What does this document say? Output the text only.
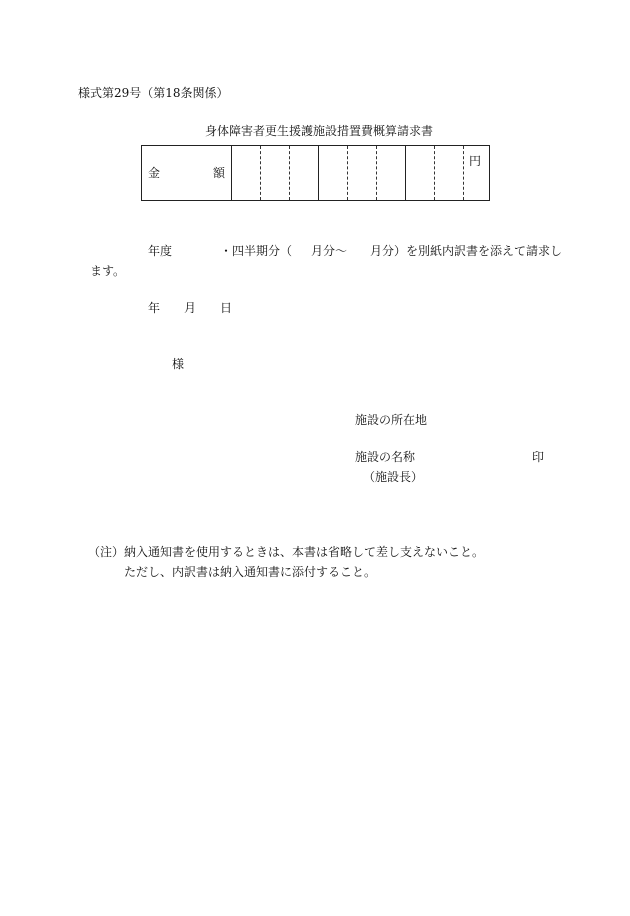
様式第29号（第18条関係）
身体障害者更生援護施設措置費概算請求書
金	額
円
年度	・四半期分（ 月分～ 月分）を別紙内訳書を添えて請求し
ます。
年 月 日
様
施設の所在地
施設の名称	印
（施設長）
（注） 納入通知書を使用するときは、本書は省略して差し支えないこと。
ただし、内訳書は納入通知書に添付すること。
